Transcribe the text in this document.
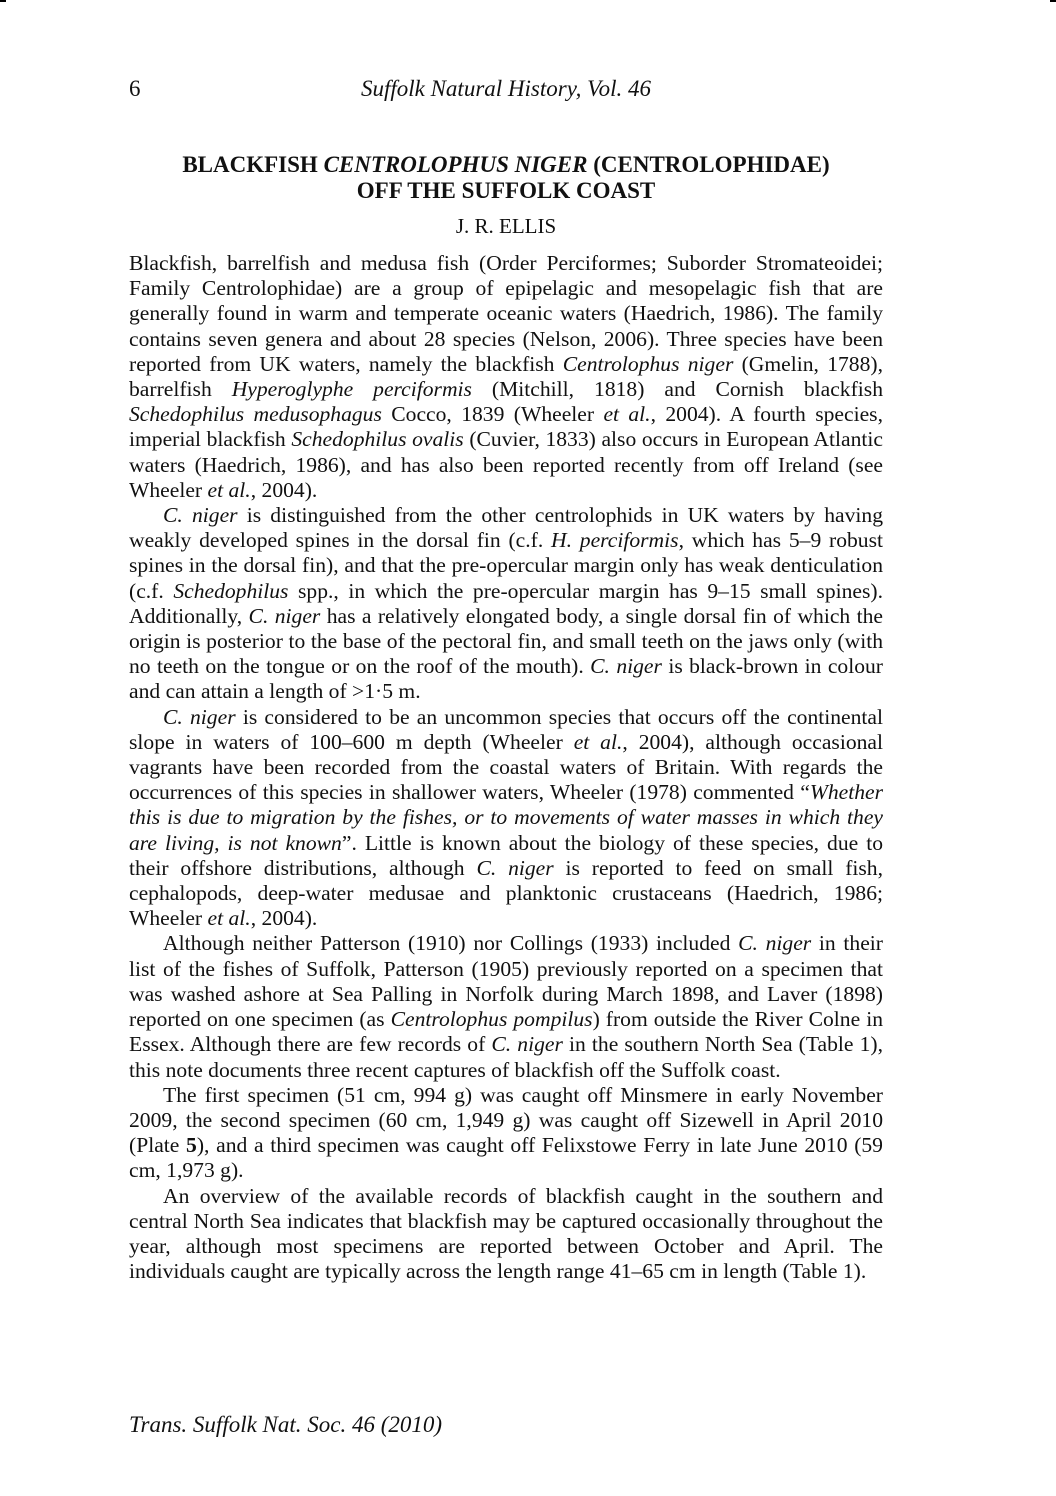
6	Suffolk Natural History, Vol. 46
BLACKFISH CENTROLOPHUS NIGER (CENTROLOPHIDAE)
OFF THE SUFFOLK COAST
J. R. ELLIS

Blackfish, barrelfish and medusa fish (Order Perciformes; Suborder Stromateoidei; Family Centrolophidae) are a group of epipelagic and mesopelagic fish that are generally found in warm and temperate oceanic waters (Haedrich, 1986). The family contains seven genera and about 28 species (Nelson, 2006). Three species have been reported from UK waters, namely the blackfish Centrolophus niger (Gmelin, 1788), barrelfish Hyperoglyphe perciformis (Mitchill, 1818) and Cornish blackfish Schedophilus medusophagus Cocco, 1839 (Wheeler et al., 2004). A fourth species, imperial blackfish Schedophilus ovalis (Cuvier, 1833) also occurs in European Atlantic waters (Haedrich, 1986), and has also been reported recently from off Ireland (see Wheeler et al., 2004).

C. niger is distinguished from the other centrolophids in UK waters by having weakly developed spines in the dorsal fin (c.f. H. perciformis, which has 5–9 robust spines in the dorsal fin), and that the pre-opercular margin only has weak denticulation (c.f. Schedophilus spp., in which the pre-opercular margin has 9–15 small spines). Additionally, C. niger has a relatively elongated body, a single dorsal fin of which the origin is posterior to the base of the pectoral fin, and small teeth on the jaws only (with no teeth on the tongue or on the roof of the mouth). C. niger is black-brown in colour and can attain a length of >1·5 m.

C. niger is considered to be an uncommon species that occurs off the continental slope in waters of 100–600 m depth (Wheeler et al., 2004), although occasional vagrants have been recorded from the coastal waters of Britain. With regards the occurrences of this species in shallower waters, Wheeler (1978) commented “Whether this is due to migration by the fishes, or to movements of water masses in which they are living, is not known”. Little is known about the biology of these species, due to their offshore distributions, although C. niger is reported to feed on small fish, cephalopods, deep-water medusae and planktonic crustaceans (Haedrich, 1986; Wheeler et al., 2004).

Although neither Patterson (1910) nor Collings (1933) included C. niger in their list of the fishes of Suffolk, Patterson (1905) previously reported on a specimen that was washed ashore at Sea Palling in Norfolk during March 1898, and Laver (1898) reported on one specimen (as Centrolophus pompilus) from outside the River Colne in Essex. Although there are few records of C. niger in the southern North Sea (Table 1), this note documents three recent captures of blackfish off the Suffolk coast.

The first specimen (51 cm, 994 g) was caught off Minsmere in early November 2009, the second specimen (60 cm, 1,949 g) was caught off Sizewell in April 2010 (Plate 5), and a third specimen was caught off Felixstowe Ferry in late June 2010 (59 cm, 1,973 g).

An overview of the available records of blackfish caught in the southern and central North Sea indicates that blackfish may be captured occasionally throughout the year, although most specimens are reported between October and April. The individuals caught are typically across the length range 41–65 cm in length (Table 1).

Trans. Suffolk Nat. Soc. 46 (2010)
